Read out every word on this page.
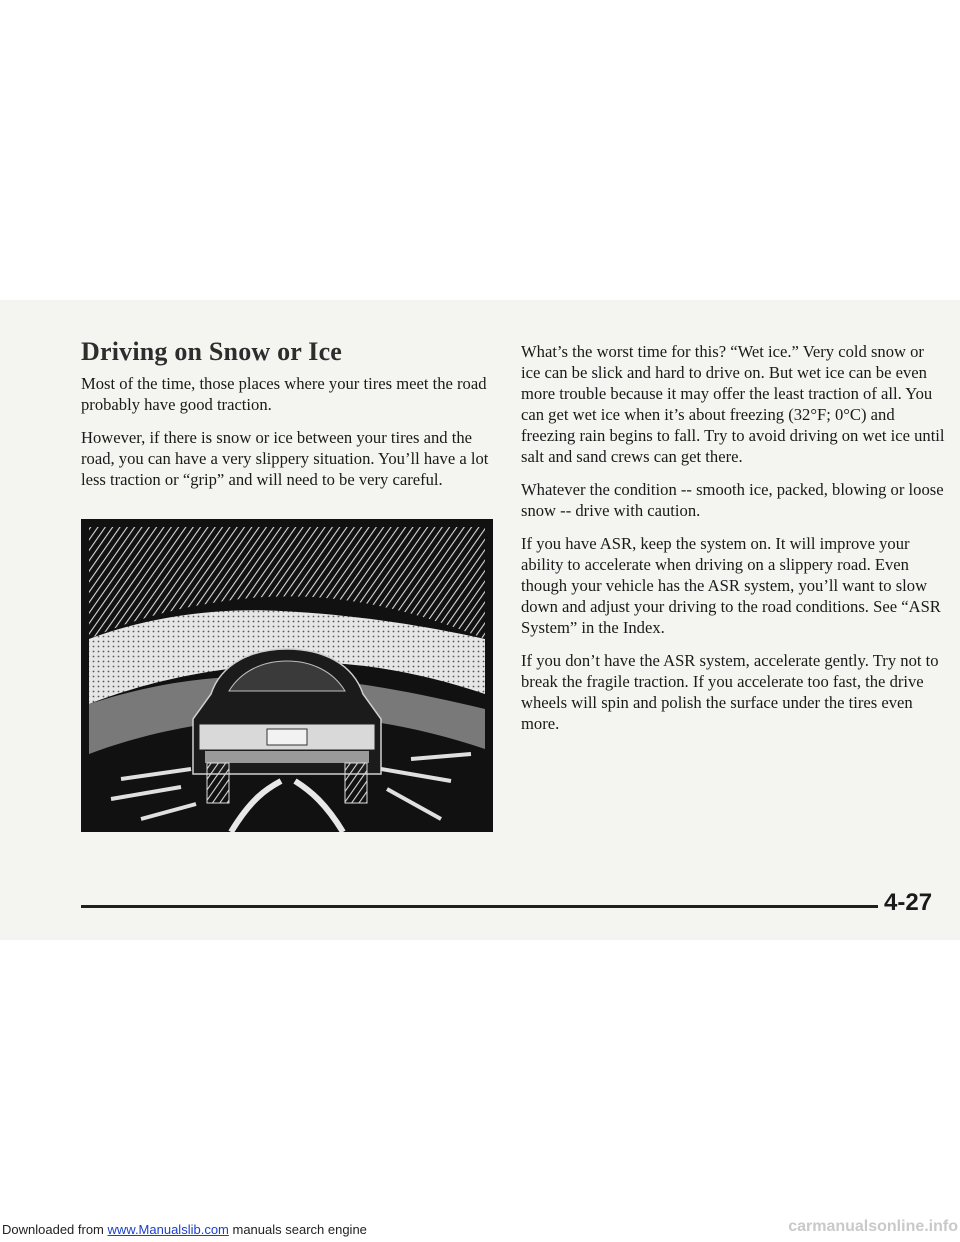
Driving on Snow or Ice

Most of the time, those places where your tires meet the road probably have good traction.

However, if there is snow or ice between your tires and the road, you can have a very slippery situation. You’ll have a lot less traction or “grip” and will need to be very careful.

What’s the worst time for this? “Wet ice.” Very cold snow or ice can be slick and hard to drive on. But wet ice can be even more trouble because it may offer the least traction of all. You can get wet ice when it’s about freezing (32°F; 0°C) and freezing rain begins to fall. Try to avoid driving on wet ice until salt and sand crews can get there.

Whatever the condition -- smooth ice, packed, blowing or loose snow -- drive with caution.

If you have ASR, keep the system on. It will improve your ability to accelerate when driving on a slippery road. Even though your vehicle has the ASR system, you’ll want to slow down and adjust your driving to the road conditions. See “ASR System” in the Index.

If you don’t have the ASR system, accelerate gently. Try not to break the fragile traction. If you accelerate too fast, the drive wheels will spin and polish the surface under the tires even more.

4-27
Downloaded from www.Manualslib.com manuals search engine	carmanualsonline.info
